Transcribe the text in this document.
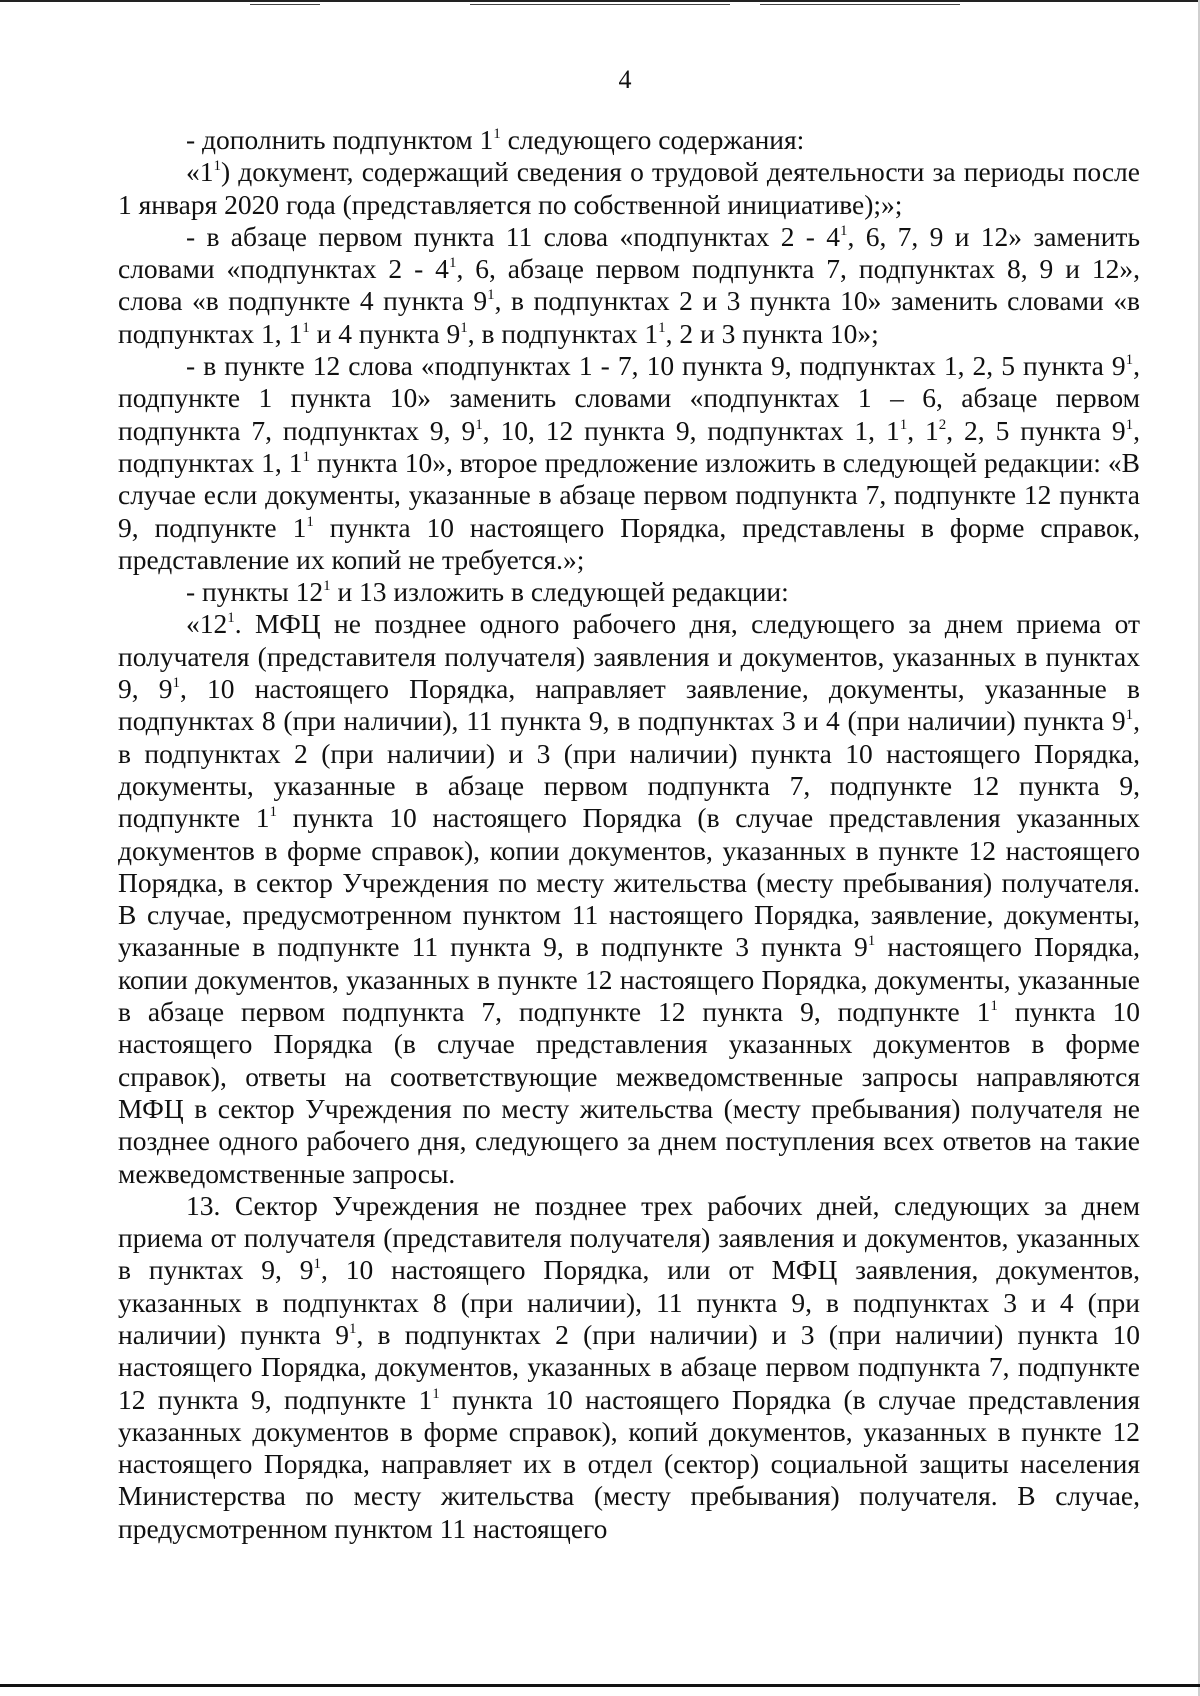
4

- дополнить подпунктом $1^1$ следующего содержания:

«$1^1$) документ, содержащий сведения о трудовой деятельности за периоды после 1 января 2020 года (представляется по собственной инициативе);»;

- в абзаце первом пункта 11 слова «подпунктах $2 - 4^1$, 6, 7, 9 и 12» заменить словами «подпунктах $2 - 4^1$, 6, абзаце первом подпункта 7, подпунктах 8, 9 и 12», слова «в подпункте 4 пункта $9^1$, в подпунктах 2 и 3 пункта 10» заменить словами «в подпунктах 1, $1^1$ и 4 пункта $9^1$, в подпунктах $1^1$, 2 и 3 пункта 10»;

- в пункте 12 слова «подпунктах 1 - 7, 10 пункта 9, подпунктах 1, 2, 5 пункта $9^1$, подпункте 1 пункта 10» заменить словами «подпунктах 1 – 6, абзаце первом подпункта 7, подпунктах 9, $9^1$, 10, 12 пункта 9, подпунктах 1, $1^1$, $1^2$, 2, 5 пункта $9^1$, подпунктах 1, $1^1$ пункта 10», второе предложение изложить в следующей редакции: «В случае если документы, указанные в абзаце первом подпункта 7, подпункте 12 пункта 9, подпункте $1^1$ пункта 10 настоящего Порядка, представлены в форме справок, представление их копий не требуется.»;

- пункты $12^1$ и 13 изложить в следующей редакции:

«$12^1$. МФЦ не позднее одного рабочего дня, следующего за днем приема от получателя (представителя получателя) заявления и документов, указанных в пунктах 9, $9^1$, 10 настоящего Порядка, направляет заявление, документы, указанные в подпунктах 8 (при наличии), 11 пункта 9, в подпунктах 3 и 4 (при наличии) пункта $9^1$, в подпунктах 2 (при наличии) и 3 (при наличии) пункта 10 настоящего Порядка, документы, указанные в абзаце первом подпункта 7, подпункте 12 пункта 9, подпункте $1^1$ пункта 10 настоящего Порядка (в случае представления указанных документов в форме справок), копии документов, указанных в пункте 12 настоящего Порядка, в сектор Учреждения по месту жительства (месту пребывания) получателя. В случае, предусмотренном пунктом 11 настоящего Порядка, заявление, документы, указанные в подпункте 11 пункта 9, в подпункте 3 пункта $9^1$ настоящего Порядка, копии документов, указанных в пункте 12 настоящего Порядка, документы, указанные в абзаце первом подпункта 7, подпункте 12 пункта 9, подпункте $1^1$ пункта 10 настоящего Порядка (в случае представления указанных документов в форме справок), ответы на соответствующие межведомственные запросы направляются МФЦ в сектор Учреждения по месту жительства (месту пребывания) получателя не позднее одного рабочего дня, следующего за днем поступления всех ответов на такие межведомственные запросы.

13. Сектор Учреждения не позднее трех рабочих дней, следующих за днем приема от получателя (представителя получателя) заявления и документов, указанных в пунктах 9, $9^1$, 10 настоящего Порядка, или от МФЦ заявления, документов, указанных в подпунктах 8 (при наличии), 11 пункта 9, в подпунктах 3 и 4 (при наличии) пункта $9^1$, в подпунктах 2 (при наличии) и 3 (при наличии) пункта 10 настоящего Порядка, документов, указанных в абзаце первом подпункта 7, подпункте 12 пункта 9, подпункте $1^1$ пункта 10 настоящего Порядка (в случае представления указанных документов в форме справок), копий документов, указанных в пункте 12 настоящего Порядка, направляет их в отдел (сектор) социальной защиты населения Министерства по месту жительства (месту пребывания) получателя. В случае, предусмотренном пунктом 11 настоящего
